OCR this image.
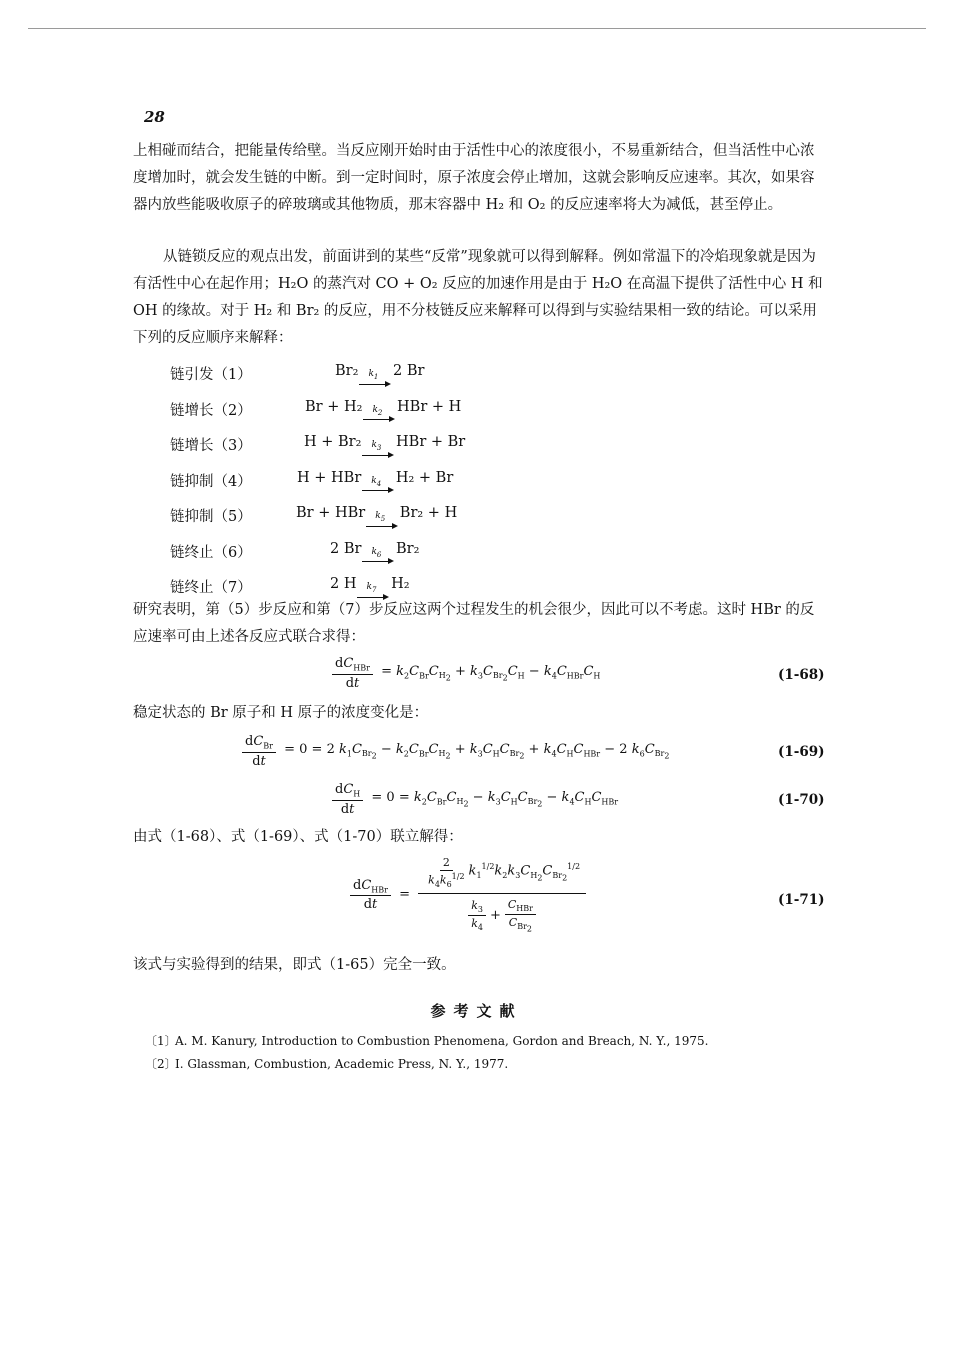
28

上相碰而结合，把能量传给壁。当反应刚开始时由于活性中心的浓度很小，不易重新结合，但当活性中心浓度增加时，就会发生链的中断。到一定时间时，原子浓度会停止增加，这就会影响反应速率。其次，如果容器内放些能吸收原子的碎玻璃或其他物质，那末容器中 H₂ 和 O₂ 的反应速率将大为减低，甚至停止。

从链锁反应的观点出发，前面讲到的某些“反常”现象就可以得到解释。例如常温下的冷焰现象就是因为有活性中心在起作用；H₂O 的蒸汽对 CO + O₂ 反应的加速作用是由于 H₂O 在高温下提供了活性中心 H 和 OH 的缘故。对于 H₂ 和 Br₂ 的反应，用不分枝链反应来解释可以得到与实验结果相一致的结论。可以采用下列的反应顺序来解释：

链引发（1）	Br₂ $k_1$ 2 Br
链增长（2）	Br + H₂ $k_2$ HBr + H
链增长（3）	H + Br₂ $k_3$ HBr + Br
链抑制（4）	H + HBr $k_4$ H₂ + Br
链抑制（5）	Br + HBr $k_5$ Br₂ + H
链终止（6）	2 Br $k_6$ Br₂
链终止（7）	2 H $k_7$ H₂

研究表明，第（5）步反应和第（7）步反应这两个过程发生的机会很少，因此可以不考虑。这时 HBr 的反应速率可由上述各反应式联合求得：

$\frac{dC_{HBr}}{dt} = k_2C_{Br}C_{H_2} + k_3C_{Br_2}C_H - k_4C_{HBr}C_H$	(1-68)

稳定状态的 Br 原子和 H 原子的浓度变化是：

$\frac{dC_{Br}}{dt} = 0 = 2$ $k_1C_{Br_2} - k_2C_{Br}C_{H_2} + k_3C_HC_{Br_2} + k_4C_HC_{HBr} - 2$ $k_6C_{Br_2}$	(1-69)
$\frac{dC_H}{dt} = 0 = k_2C_{Br}C_{H_2} - k_3C_HC_{Br_2} - k_4C_HC_{HBr}$	(1-70)

由式（1-68）、式（1-69）、式（1-70）联立解得：

$\frac{dC_{HBr}}{dt} = \frac{\frac{2}{k_4k_6^{1/2}} k_1^{1/2}k_2k_3C_{H_2}C_{Br_2}^{1/2}}{\frac{k_3}{k_4} + \frac{C_{HBr}}{C_{Br_2}}}$	(1-71)

该式与实验得到的结果，即式（1-65）完全一致。

参考文献
〔1〕A. M. Kanury, Introduction to Combustion Phenomena, Gordon and Breach, N. Y., 1975.
〔2〕I. Glassman, Combustion, Academic Press, N. Y., 1977.
